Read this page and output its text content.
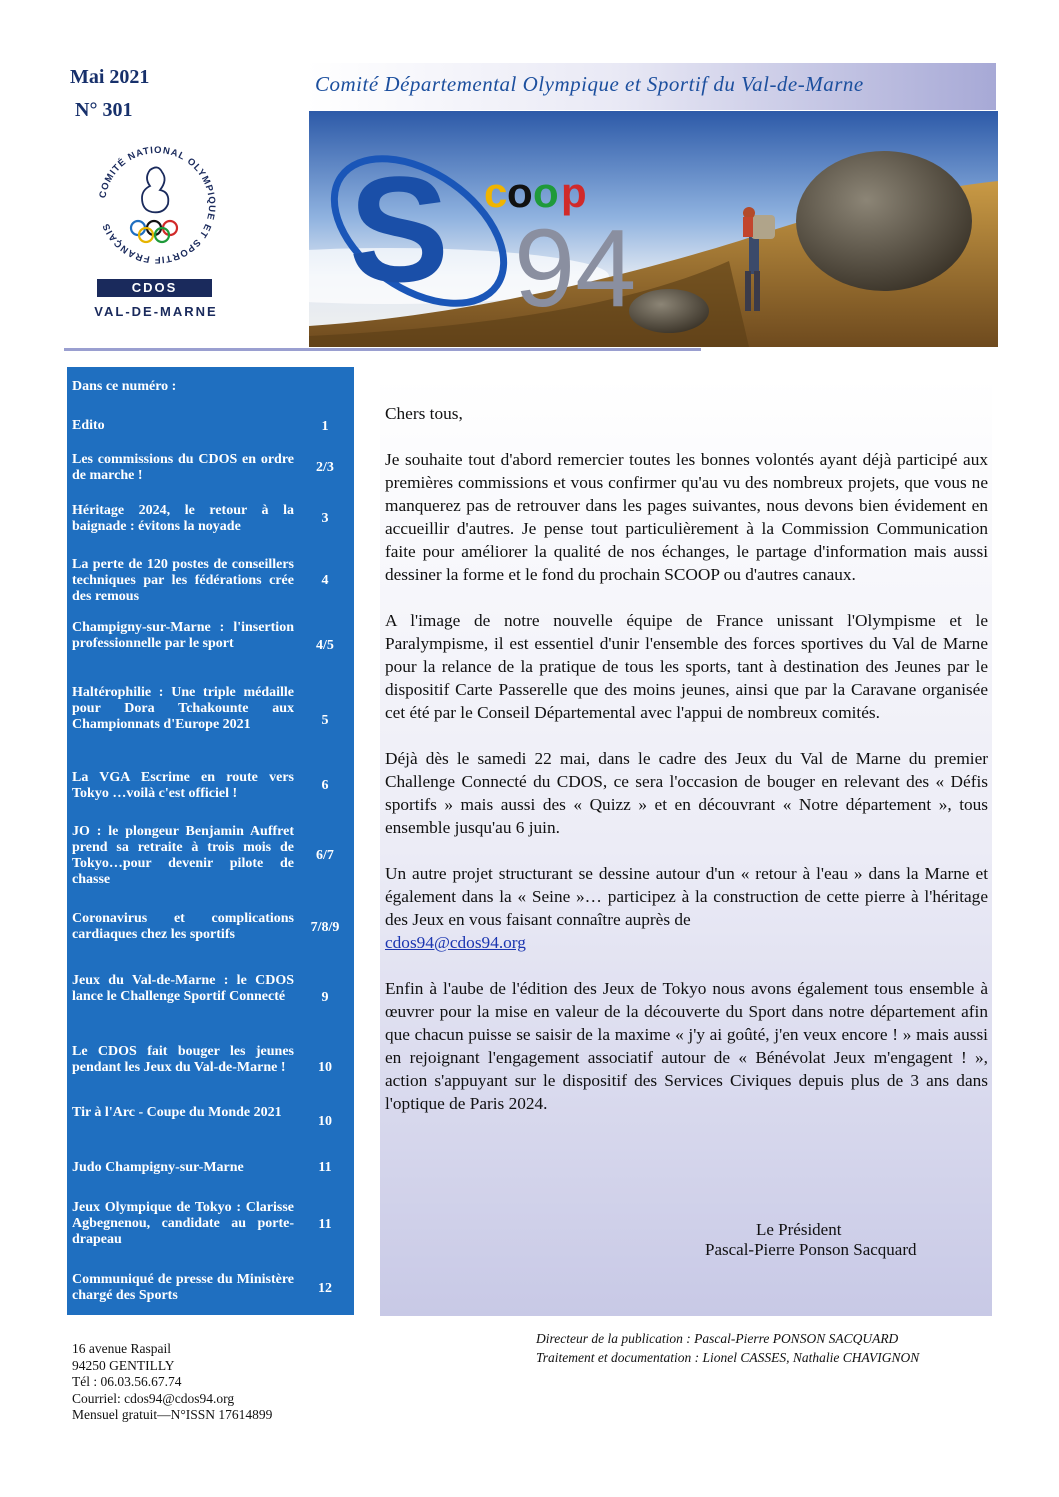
Mai 2021
N° 301
COMITÉ NATIONAL OLYMPIQUE ET SPORTIF FRANÇAIS
CDOS
VAL-DE-MARNE
Comité Départemental Olympique et Sportif du Val-de-Marne
S c o o p
94
Dans ce numéro :
Edito	1
Les commissions du CDOS en ordre de marche !
2/3
Héritage 2024, le retour à la baignade : évitons la noyade
3
La perte de 120 postes de conseillers techniques par les fédérations crée des remous
4
Champigny-sur-Marne : l'insertion professionnelle par le sport	4/5
Haltérophilie : Une triple médaille pour Dora Tchakounte aux Championnats d'Europe 2021	5
La VGA Escrime en route vers Tokyo …voilà c'est officiel !
6
JO : le plongeur Benjamin Auffret prend sa retraite à trois mois de Tokyo…pour devenir pilote de chasse
6/7
Coronavirus et complications cardiaques chez les sportifs	7/8/9
Jeux du Val-de-Marne : le CDOS lance le Challenge Sportif Connecté	9
Le CDOS fait bouger les jeunes pendant les Jeux du Val-de-Marne !	10
Tir à l'Arc - Coupe du Monde 2021
10
Judo Champigny-sur-Marne	11
Jeux Olympique de Tokyo : Clarisse Agbegnenou, candidate au porte-drapeau
11
Communiqué de presse du Ministère chargé des Sports	12

Chers tous,

Je souhaite tout d'abord remercier toutes les bonnes volontés ayant déjà participé aux premières commissions et vous confirmer qu'au vu des nombreux projets, que vous ne manquerez pas de retrouver dans les pages suivantes, nous devons bien évidement en accueillir d'autres. Je pense tout particulièrement à la Commission Communication faite pour améliorer la qualité de nos échanges, le partage d'information mais aussi dessiner la forme et le fond du prochain SCOOP ou d'autres canaux.

A l'image de notre nouvelle équipe de France unissant l'Olympisme et le Paralympisme, il est essentiel d'unir l'ensemble des forces sportives du Val de Marne pour la relance de la pratique de tous les sports, tant à destination des Jeunes par le dispositif Carte Passerelle que des moins jeunes, ainsi que par la Caravane organisée cet été par le Conseil Départemental avec l'appui de nombreux comités.

Déjà dès le samedi 22 mai, dans le cadre des Jeux du Val de Marne du premier Challenge Connecté du CDOS, ce sera l'occasion de bouger en relevant des « Défis sportifs » mais aussi des « Quizz » et en découvrant « Notre département », tous ensemble jusqu'au 6 juin.

Un autre projet structurant se dessine autour d'un « retour à l'eau » dans la Marne et également dans la « Seine »… participez à la construction de cette pierre à l'héritage des Jeux en vous faisant connaître auprès de
cdos94@cdos94.org

Enfin à l'aube de l'édition des Jeux de Tokyo nous avons également tous ensemble à œuvrer pour la mise en valeur de la découverte du Sport dans notre département afin que chacun puisse se saisir de la maxime « j'y ai goûté, j'en veux encore ! » mais aussi en rejoignant l'engagement associatif autour de « Bénévolat Jeux m'engagent ! », action s'appuyant sur le dispositif des Services Civiques depuis plus de 3 ans dans l'optique de Paris 2024.

Le Président
Pascal-Pierre Ponson Sacquard
16 avenue Raspail
94250 GENTILLY
Tél : 06.03.56.67.74
Courriel: cdos94@cdos94.org
Mensuel gratuit—N°ISSN 17614899
Directeur de la publication : Pascal-Pierre PONSON SACQUARD
Traitement et documentation : Lionel CASSES, Nathalie CHAVIGNON
